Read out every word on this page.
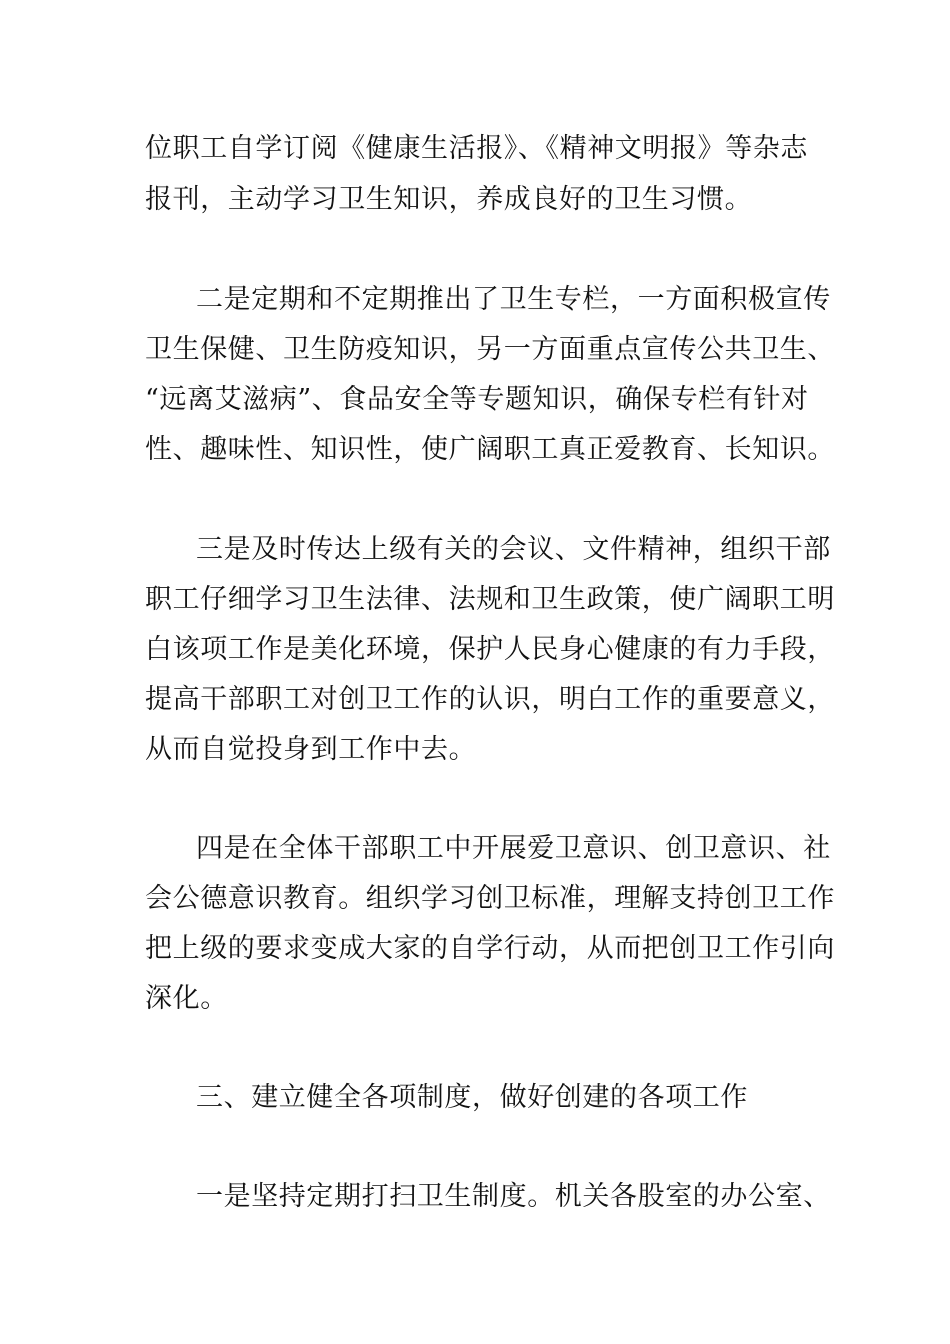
位职工自学订阅《健康生活报》、《精神文明报》等杂志
报刊，主动学习卫生知识，养成良好的卫生习惯。
二是定期和不定期推出了卫生专栏，一方面积极宣传
卫生保健、卫生防疫知识，另一方面重点宣传公共卫生、
“远离艾滋病”、食品安全等专题知识，确保专栏有针对
性、趣味性、知识性，使广阔职工真正爱教育、长知识。
三是及时传达上级有关的会议、文件精神，组织干部
职工仔细学习卫生法律、法规和卫生政策，使广阔职工明
白该项工作是美化环境，保护人民身心健康的有力手段，
提高干部职工对创卫工作的认识，明白工作的重要意义，
从而自觉投身到工作中去。
四是在全体干部职工中开展爱卫意识、创卫意识、社
会公德意识教育。组织学习创卫标准，理解支持创卫工作
把上级的要求变成大家的自学行动，从而把创卫工作引向
深化。
三、建立健全各项制度，做好创建的各项工作
一是坚持定期打扫卫生制度。机关各股室的办公室、
